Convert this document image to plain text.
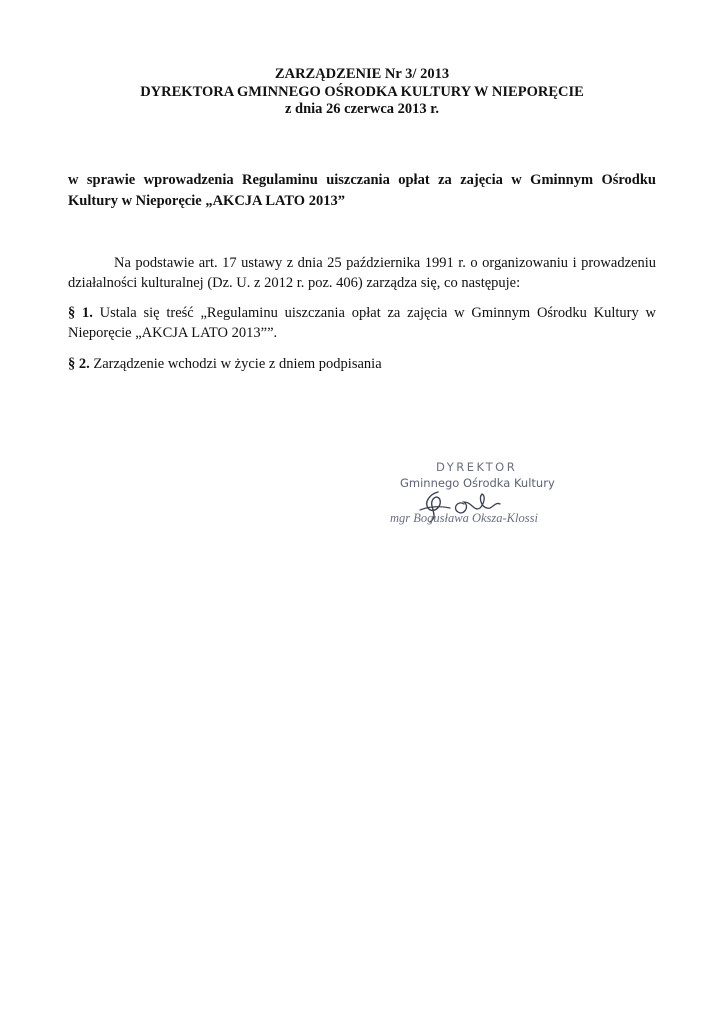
ZARZĄDZENIE Nr 3/ 2013
DYREKTORA GMINNEGO OŚRODKA KULTURY W NIEPORĘCIE
z dnia 26 czerwca 2013 r.
w sprawie wprowadzenia Regulaminu uiszczania opłat za zajęcia w Gminnym Ośrodku
Kultury w Nieporęcie „AKCJA LATO 2013”
Na podstawie art. 17 ustawy z dnia 25 października 1991 r. o organizowaniu i prowadzeniu
działalności kulturalnej (Dz. U. z 2012 r. poz. 406) zarządza się, co następuje:
§ 1. Ustala się treść „Regulaminu uiszczania opłat za zajęcia w Gminnym Ośrodku Kultury w
Nieporęcie „AKCJA LATO 2013””.
§ 2. Zarządzenie wchodzi w życie z dniem podpisania
DYREKTOR
Gminnego Ośrodka Kultury
mgr Bogusława Oksza-Klossi
